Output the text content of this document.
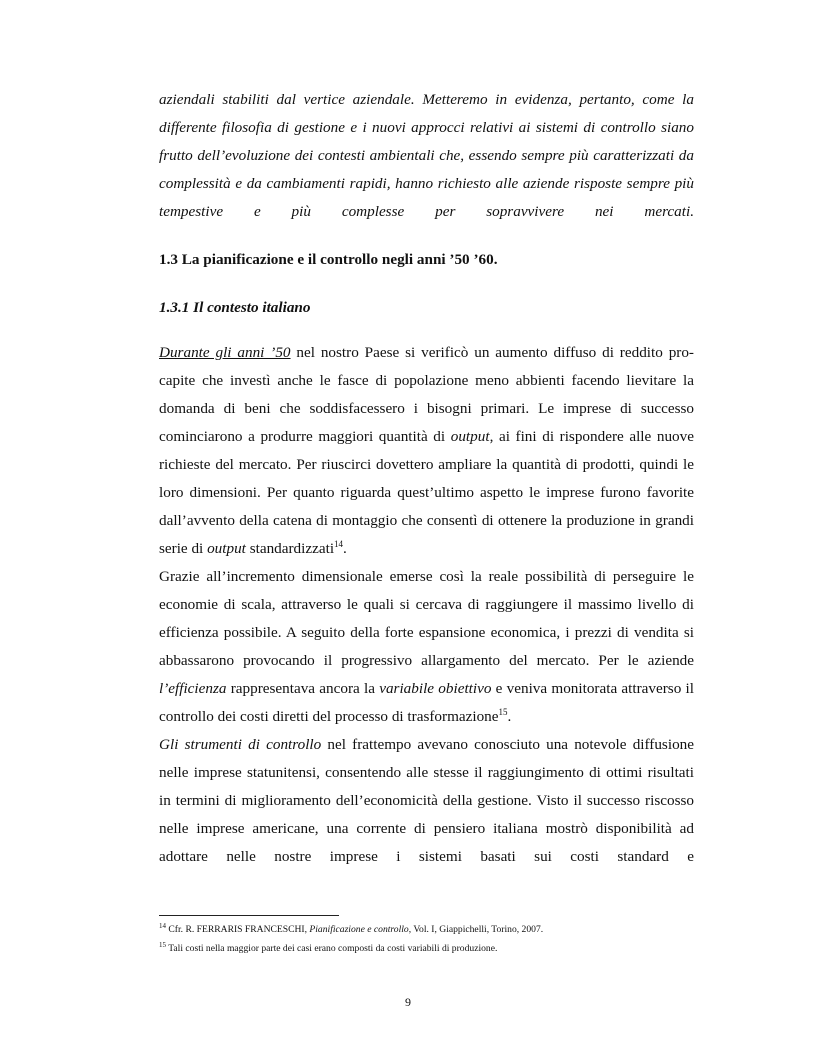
aziendali stabiliti dal vertice aziendale. Metteremo in evidenza, pertanto, come la differente filosofia di gestione e i nuovi approcci relativi ai sistemi di controllo siano frutto dell’evoluzione dei contesti ambientali che, essendo sempre più caratterizzati da complessità e da cambiamenti rapidi, hanno richiesto alle aziende risposte sempre più tempestive e più complesse per sopravvivere nei mercati.

1.3 La pianificazione e il controllo negli anni ’50 ’60.
1.3.1 Il contesto italiano

Durante gli anni ’50 nel nostro Paese si verificò un aumento diffuso di reddito pro-capite che investì anche le fasce di popolazione meno abbienti facendo lievitare la domanda di beni che soddisfacessero i bisogni primari. Le imprese di successo cominciarono a produrre maggiori quantità di output, ai fini di rispondere alle nuove richieste del mercato. Per riuscirci dovettero ampliare la quantità di prodotti, quindi le loro dimensioni. Per quanto riguarda quest’ultimo aspetto le imprese furono favorite dall’avvento della catena di montaggio che consentì di ottenere la produzione in grandi serie di output standardizzati$^{14}$.

Grazie all’incremento dimensionale emerse così la reale possibilità di perseguire le economie di scala, attraverso le quali si cercava di raggiungere il massimo livello di efficienza possibile. A seguito della forte espansione economica, i prezzi di vendita si abbassarono provocando il progressivo allargamento del mercato. Per le aziende l’efficienza rappresentava ancora la variabile obiettivo e veniva monitorata attraverso il controllo dei costi diretti del processo di trasformazione$^{15}$.

Gli strumenti di controllo nel frattempo avevano conosciuto una notevole diffusione nelle imprese statunitensi, consentendo alle stesse il raggiungimento di ottimi risultati in termini di miglioramento dell’economicità della gestione. Visto il successo riscosso nelle imprese americane, una corrente di pensiero italiana mostrò disponibilità ad adottare nelle nostre imprese i sistemi basati sui costi standard e

$^{14}$ Cfr. R. FERRARIS FRANCESCHI, Pianificazione e controllo, Vol. I, Giappichelli, Torino, 2007.

$^{15}$ Tali costi nella maggior parte dei casi erano composti da costi variabili di produzione.

9
